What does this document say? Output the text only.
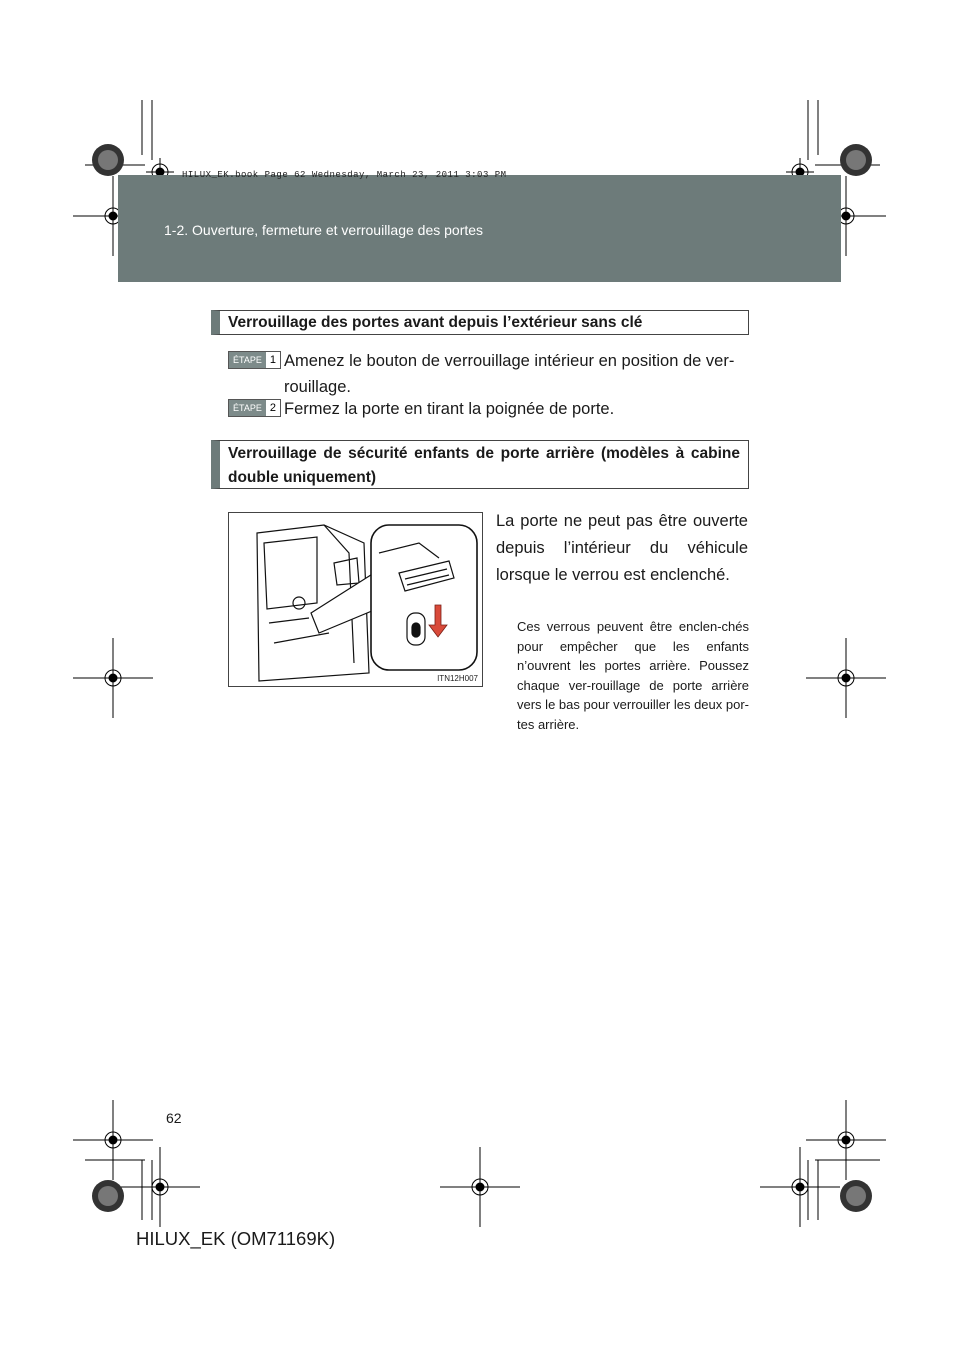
1-2. Ouverture, fermeture et verrouillage des portes
HILUX_EK.book Page 62 Wednesday, March 23, 2011 3:03 PM
Verrouillage des portes avant depuis l’extérieur sans clé
ÉTAPE 1 Amenez le bouton de verrouillage intérieur en position de ver-rouillage.
ÉTAPE 2 Fermez la porte en tirant la poignée de porte.
Verrouillage de sécurité enfants de porte arrière (modèles à cabine double uniquement)
ITN12H007
La porte ne peut pas être ouverte depuis l’intérieur du véhicule lorsque le verrou est enclenché.
Ces verrous peuvent être enclen-chés pour empêcher que les enfants n’ouvrent les portes arrière. Poussez chaque ver-rouillage de porte arrière vers le bas pour verrouiller les deux por-tes arrière.
62
HILUX_EK (OM71169K)
